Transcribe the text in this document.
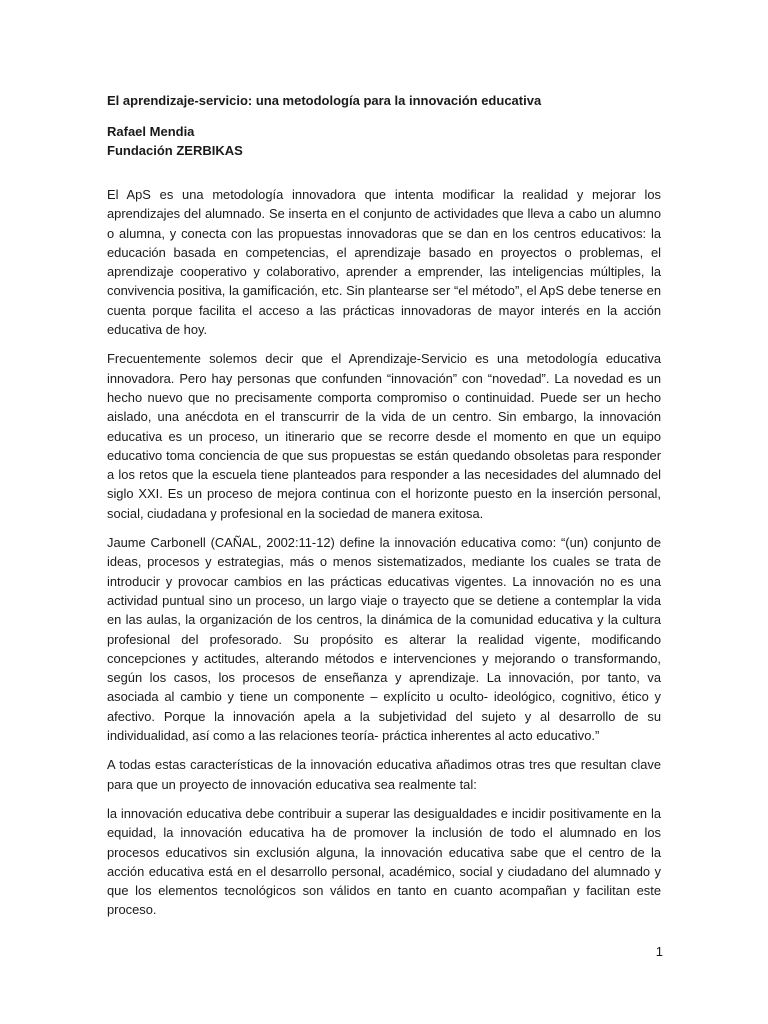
El aprendizaje-servicio: una metodología para la innovación educativa

Rafael Mendia

Fundación ZERBIKAS

El ApS es una metodología innovadora que intenta modificar la realidad y mejorar los aprendizajes del alumnado. Se inserta en el conjunto de actividades que lleva a cabo un alumno o alumna, y conecta con las propuestas innovadoras que se dan en los centros educativos: la educación basada en competencias, el aprendizaje basado en proyectos o problemas, el aprendizaje cooperativo y colaborativo, aprender a emprender, las inteligencias múltiples, la convivencia positiva, la gamificación, etc. Sin plantearse ser “el método”, el ApS debe tenerse en cuenta porque facilita el acceso a las prácticas innovadoras de mayor interés en la acción educativa de hoy.

Frecuentemente solemos decir que el Aprendizaje-Servicio es una metodología educativa innovadora. Pero hay personas que confunden “innovación” con “novedad”. La novedad es un hecho nuevo que no precisamente comporta compromiso o continuidad. Puede ser un hecho aislado, una anécdota en el transcurrir de la vida de un centro. Sin embargo, la innovación educativa es un proceso, un itinerario que se recorre desde el momento en que un equipo educativo toma conciencia de que sus propuestas se están quedando obsoletas para responder a los retos que la escuela tiene planteados para responder a las necesidades del alumnado del siglo XXI. Es un proceso de mejora continua con el horizonte puesto en la inserción personal, social, ciudadana y profesional en la sociedad de manera exitosa.

Jaume Carbonell (CAÑAL, 2002:11-12) define la innovación educativa como: “(un) conjunto de ideas, procesos y estrategias, más o menos sistematizados, mediante los cuales se trata de introducir y provocar cambios en las prácticas educativas vigentes. La innovación no es una actividad puntual sino un proceso, un largo viaje o trayecto que se detiene a contemplar la vida en las aulas, la organización de los centros, la dinámica de la comunidad educativa y la cultura profesional del profesorado. Su propósito es alterar la realidad vigente, modificando concepciones y actitudes, alterando métodos e intervenciones y mejorando o transformando, según los casos, los procesos de enseñanza y aprendizaje. La innovación, por tanto, va asociada al cambio y tiene un componente – explícito u oculto- ideológico, cognitivo, ético y afectivo. Porque la innovación apela a la subjetividad del sujeto y al desarrollo de su individualidad, así como a las relaciones teoría- práctica inherentes al acto educativo.”

A todas estas características de la innovación educativa añadimos otras tres que resultan clave para que un proyecto de innovación educativa sea realmente tal:

la innovación educativa debe contribuir a superar las desigualdades e incidir positivamente en la equidad, la innovación educativa ha de promover la inclusión de todo el alumnado en los procesos educativos sin exclusión alguna, la innovación educativa sabe que el centro de la acción educativa está en el desarrollo personal, académico, social y ciudadano del alumnado y que los elementos tecnológicos son válidos en tanto en cuanto acompañan y facilitan este proceso.

1
